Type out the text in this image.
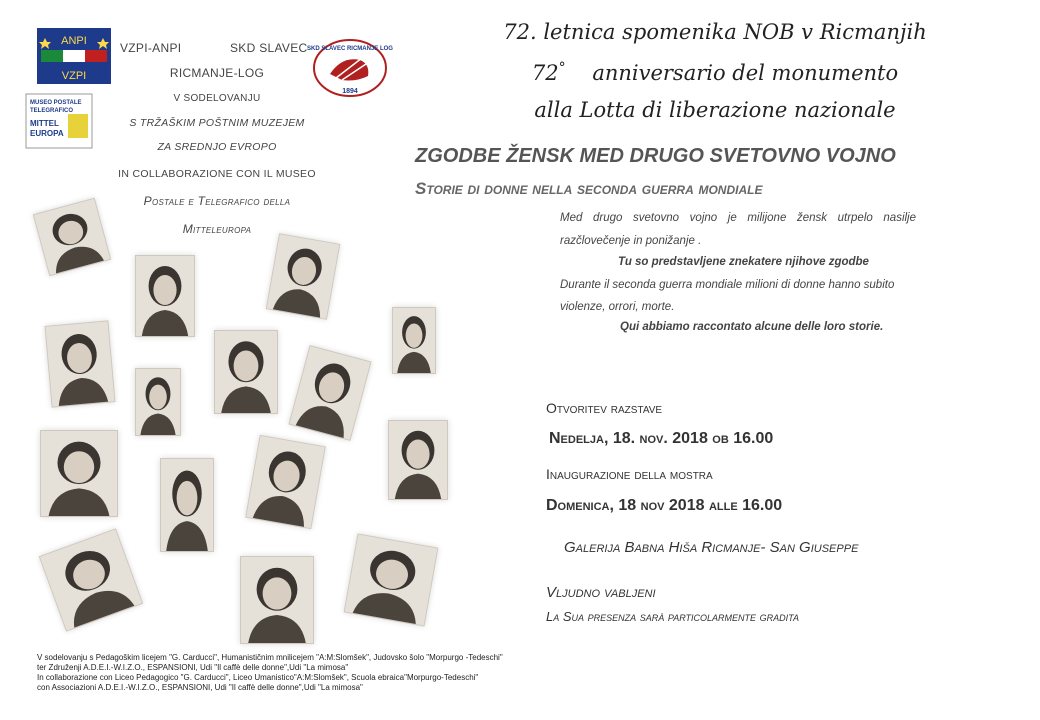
ANPI
VZPI
MUSEO POSTALE
TELEGRAFICO
MITTEL
EUROPA
SKD SLAVEC RICMANJE LOG
1894
VZPI-ANPI	SKD SLAVEC
RICMANJE-LOG
V SODELOVANJU
S TRŽAŠKIM POŠTNIM MUZEJEM
ZA SREDNJO EVROPO
IN COLLABORAZIONE CON IL MUSEO
Postale e Telegrafico della
Mitteleuropa
72. letnica spomenika NOB v Ricmanjih
72° anniversario del monumento
alla Lotta di liberazione nazionale
ZGODBE ŽENSK MED DRUGO SVETOVNO VOJNO
Storie di donne nella seconda guerra mondiale
Med drugo svetovno vojno je milijone žensk utrpelo nasilje
razčlovečenje in ponižanje .
Tu so predstavljene znekatere njihove zgodbe
Durante il seconda guerra mondiale milioni di donne hanno subito
violenze, orrori, morte.
Qui abbiamo raccontato alcune delle loro storie.
Otvoritev razstave
Nedelja, 18. nov. 2018 ob 16.00
Inaugurazione della mostra
Domenica, 18 nov 2018 alle 16.00
Galerija Babna Hiša Ricmanje- San Giuseppe
Vljudno vabljeni
La Sua presenza sarà particolarmente gradita
V sodelovanju s Pedagoškim licejem "G. Carducci", Humanističnim mnilicejem "A:M:Slomšek", Judovsko šolo "Morpurgo -Tedeschi"
ter Združenji A.D.E.I.-W.I.Z.O., ESPANSIONI, Udi "Il caffè delle donne",Udi "La mimosa"
In collaborazione con Liceo Pedagogico "G. Carducci", Liceo Umanistico"A:M:Slomšek", Scuola ebraica"Morpurgo-Tedeschi"
con Associazioni A.D.E.I.-W.I.Z.O., ESPANSIONI, Udi "Il caffè delle donne",Udi "La mimosa"
